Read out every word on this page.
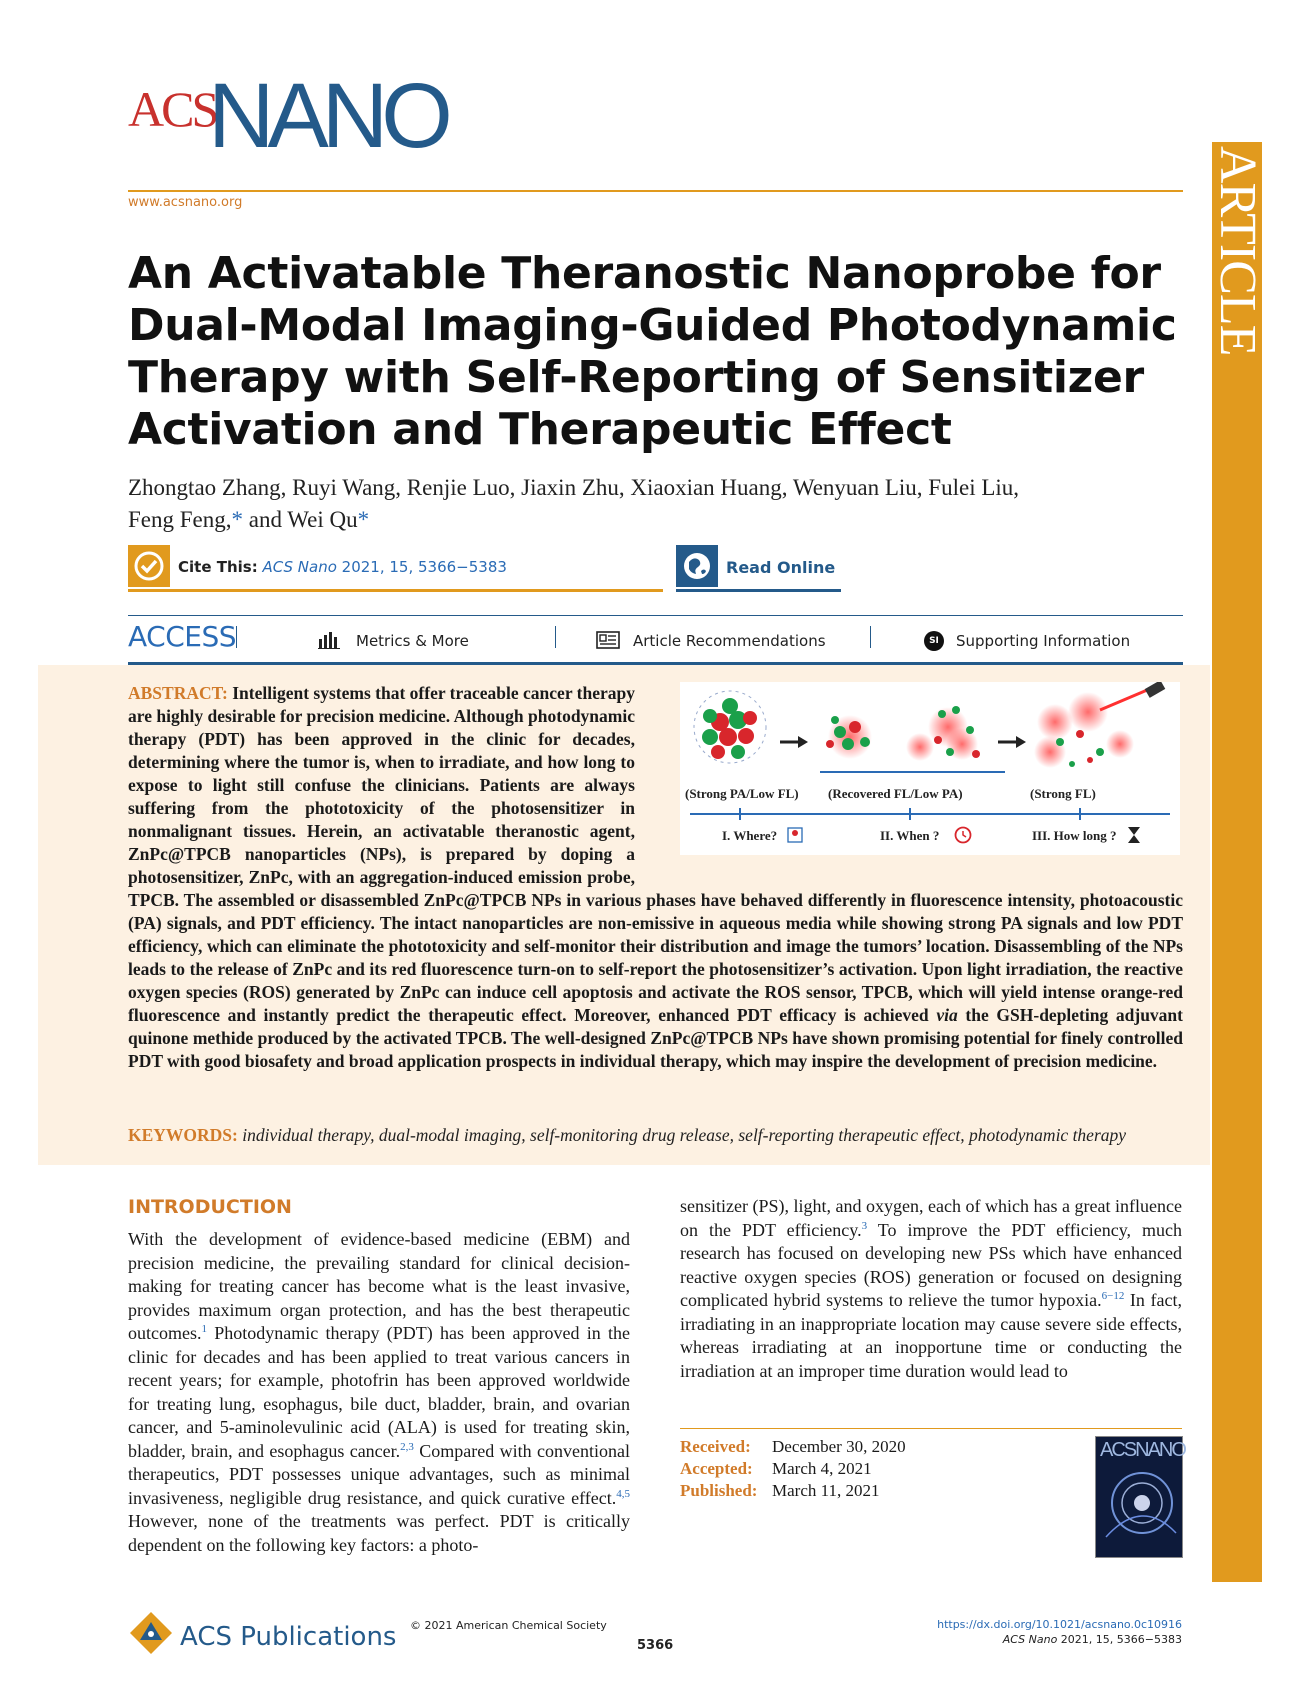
ACS
NANO
ARTICLE
www.acsnano.org
An Activatable Theranostic Nanoprobe for Dual-Modal Imaging-Guided Photodynamic Therapy with Self-Reporting of Sensitizer Activation and Therapeutic Effect
Zhongtao Zhang, Ruyi Wang, Renjie Luo, Jiaxin Zhu, Xiaoxian Huang, Wenyuan Liu, Fulei Liu,
Feng Feng,* and Wei Qu*
Cite This: ACS Nano 2021, 15, 5366−5383	Read Online
ACCESS	Metrics & More	Article Recommendations	SI	Supporting Information
ABSTRACT: Intelligent systems that offer traceable cancer therapy are highly desirable for precision medicine. Although photodynamic therapy (PDT) has been approved in the clinic for decades, determining where the tumor is, when to irradiate, and how long to expose to light still confuse the clinicians. Patients are always suffering from the phototoxicity of the photosensitizer in nonmalignant tissues. Herein, an activatable theranostic agent, ZnPc@TPCB nanoparticles (NPs), is prepared by doping a photosensitizer, ZnPc, with an aggregation-induced emission probe, TPCB. The assembled or disassembled ZnPc@TPCB NPs in various phases have behaved differently in fluorescence intensity, photoacoustic (PA) signals, and PDT efficiency. The intact nanoparticles are non-emissive in aqueous media while showing strong PA signals and low PDT efficiency, which can eliminate the phototoxicity and self-monitor their distribution and image the tumors’ location. Disassembling of the NPs leads to the release of ZnPc and its red fluorescence turn-on to self-report the photosensitizer’s activation. Upon light irradiation, the reactive oxygen species (ROS) generated by ZnPc can induce cell apoptosis and activate the ROS sensor, TPCB, which will yield intense orange-red fluorescence and instantly predict the therapeutic effect. Moreover, enhanced PDT efficacy is achieved via the GSH-depleting adjuvant quinone methide produced by the activated TPCB. The well-designed ZnPc@TPCB NPs have shown promising potential for finely controlled PDT with good biosafety and broad application prospects in individual therapy, which may inspire the development of precision medicine.
(Strong PA/Low FL) (Recovered FL/Low PA)	(Strong FL)
I. Where?	II. When ?	III. How long ?
KEYWORDS: individual therapy, dual-modal imaging, self-monitoring drug release, self-reporting therapeutic effect, photodynamic therapy
INTRODUCTION
With the development of evidence-based medicine (EBM) and precision medicine, the prevailing standard for clinical decision-making for treating cancer has become what is the least invasive, provides maximum organ protection, and has the best therapeutic outcomes.$^1$ Photodynamic therapy (PDT) has been approved in the clinic for decades and has been applied to treat various cancers in recent years; for example, photofrin has been approved worldwide for treating lung, esophagus, bile duct, bladder, brain, and ovarian cancer, and 5-aminolevulinic acid (ALA) is used for treating skin, bladder, brain, and esophagus cancer.$^{2,3}$ Compared with conventional therapeutics, PDT possesses unique advantages, such as minimal invasiveness, negligible drug resistance, and quick curative effect.$^{4,5}$ However, none of the treatments was perfect. PDT is critically dependent on the following key factors: a photo-
sensitizer (PS), light, and oxygen, each of which has a great influence on the PDT efficiency.$^3$ To improve the PDT efficiency, much research has focused on developing new PSs which have enhanced reactive oxygen species (ROS) generation or focused on designing complicated hybrid systems to relieve the tumor hypoxia.$^{6-12}$ In fact, irradiating in an inappropriate location may cause severe side effects, whereas irradiating at an inopportune time or conducting the irradiation at an improper time duration would lead to
Received: December 30, 2020
Accepted: March 4, 2021
Published: March 11, 2021
ACSNANO
ACS Publications © 2021 American Chemical Society
5366
https://dx.doi.org/10.1021/acsnano.0c10916
ACS Nano 2021, 15, 5366−5383
